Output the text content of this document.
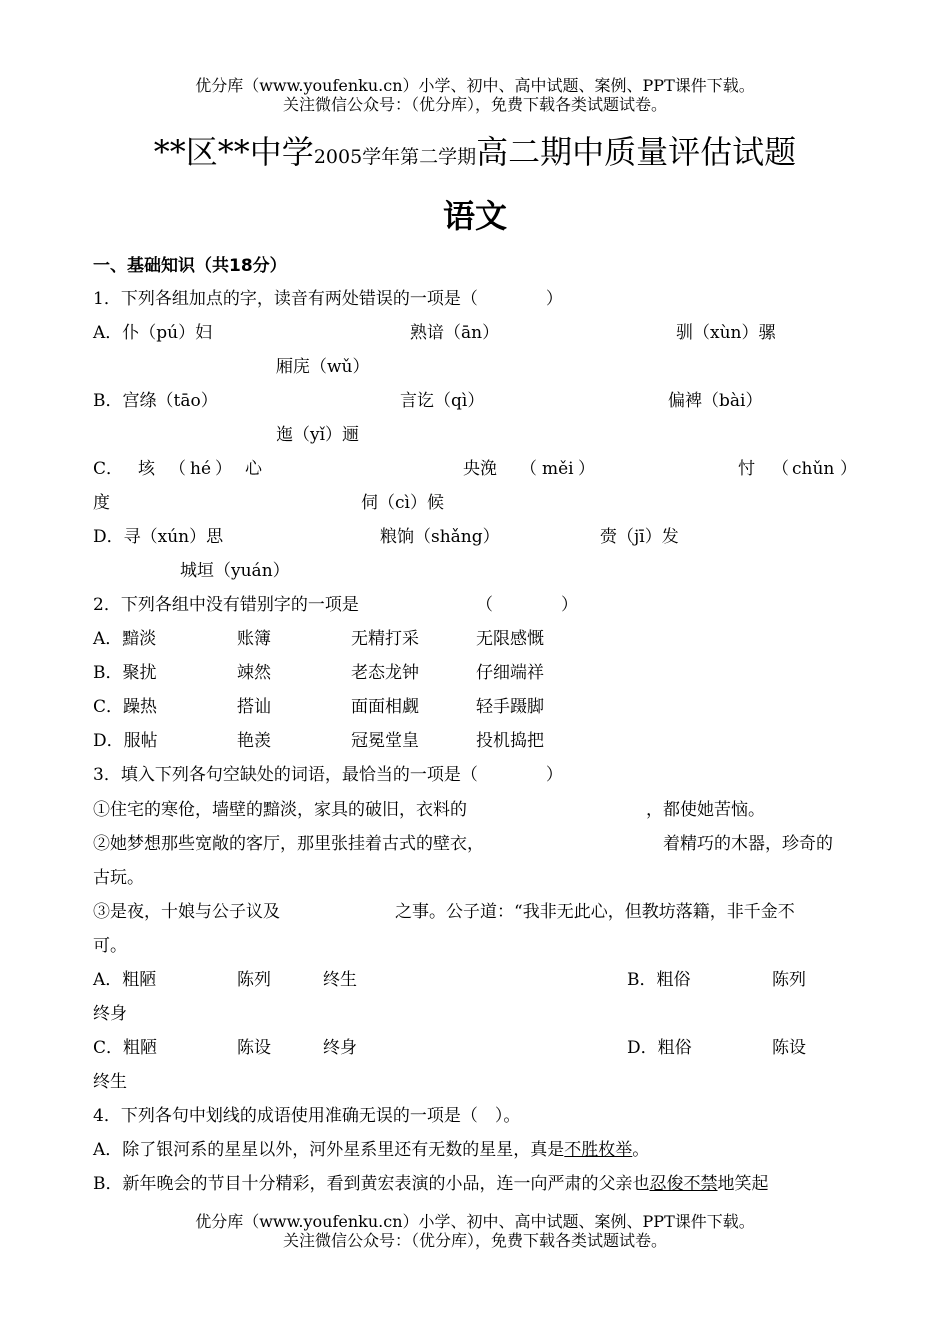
优分库（www.youfenku.cn）小学、初中、高中试题、案例、PPT课件下载。
关注微信公众号：（优分库），免费下载各类试题试卷。
**区**中学2005学年第二学期高二期中质量评估试题
语文
一、基础知识（共18分）
1．下列各组加点的字，读音有两处错误的一项是（　　　　）
A．仆（pú）妇	熟谙（ān）	驯（xùn）骡
厢庑（wǔ）
B．宫绦（tāo）	言讫（qì）	偏裨（bài）
迤（yǐ）逦
C． 垓 （ hé ） 心	央浼 （ měi ）	忖 （ chǔn ）
度	伺（cì）候
D．寻（xún）思	粮饷（shǎng）	赍（jī）发
城垣（yuán）
2．下列各组中没有错别字的一项是	（　　　　）
A．黯淡	账簿	无精打采	无限感慨
B．聚扰	竦然	老态龙钟	仔细端祥
C．躁热	搭讪	面面相觑	轻手蹑脚
D．服帖	艳羡	冠冕堂皇	投机捣把
3．填入下列各句空缺处的词语，最恰当的一项是（　　　　）
①住宅的寒伧，墙壁的黯淡，家具的破旧，衣料的	，都使她苦恼。
②她梦想那些宽敞的客厅，那里张挂着古式的壁衣，	着精巧的木器，珍奇的
古玩。
③是夜，十娘与公子议及	之事。公子道：“我非无此心，但教坊落籍，非千金不
可。
A．粗陋	陈列	终生	B．粗俗	陈列
终身
C．粗陋	陈设	终身	D．粗俗	陈设
终生
4．下列各句中划线的成语使用准确无误的一项是（　）。
A．除了银河系的星星以外，河外星系里还有无数的星星，真是不胜枚举。
B．新年晚会的节目十分精彩，看到黄宏表演的小品，连一向严肃的父亲也忍俊不禁地笑起
优分库（www.youfenku.cn）小学、初中、高中试题、案例、PPT课件下载。
关注微信公众号：（优分库），免费下载各类试题试卷。
